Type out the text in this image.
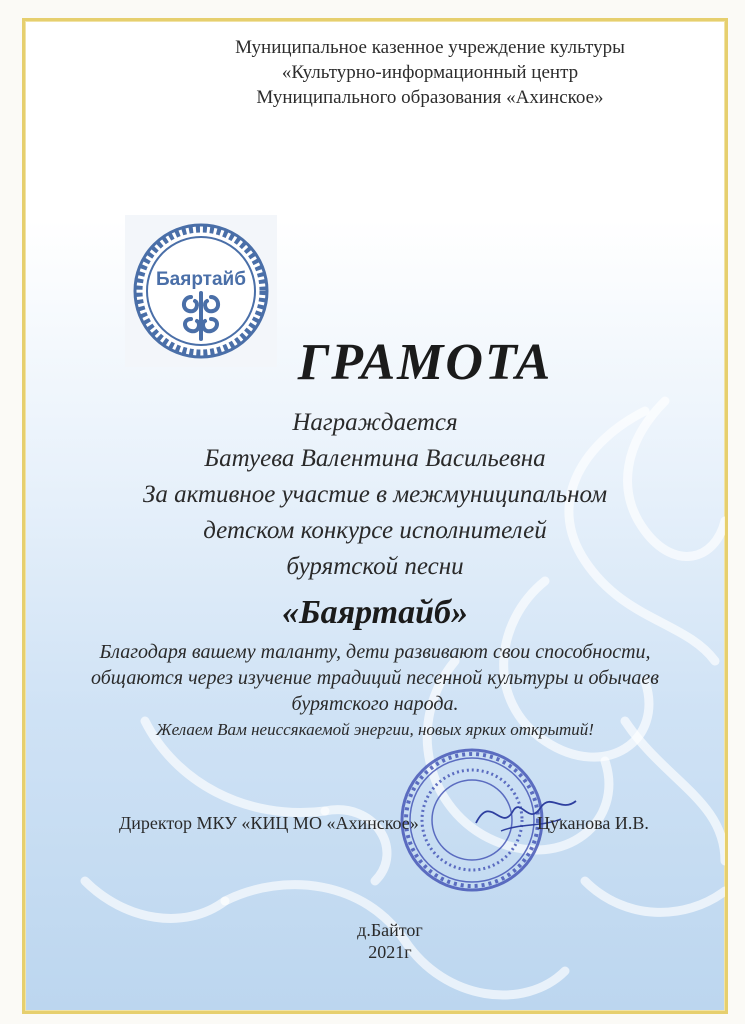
Муниципальное казенное учреждение культуры
«Культурно-информационный центр
Муниципального образования «Ахинское»
Баяртайб
ГРАМОТА
Награждается
Батуева Валентина Васильевна
За активное участие в межмуниципальном
детском конкурсе исполнителей
бурятской песни
«Баяртайб»
Благодаря вашему таланту, дети развивают свои способности,
общаются через изучение традиций песенной культуры и обычаев
бурятского народа.
Желаем Вам неиссякаемой энергии, новых ярких открытий!
Директор МКУ «КИЦ МО «Ахинское»	Цуканова И.В.
д.Байтог
2021г
